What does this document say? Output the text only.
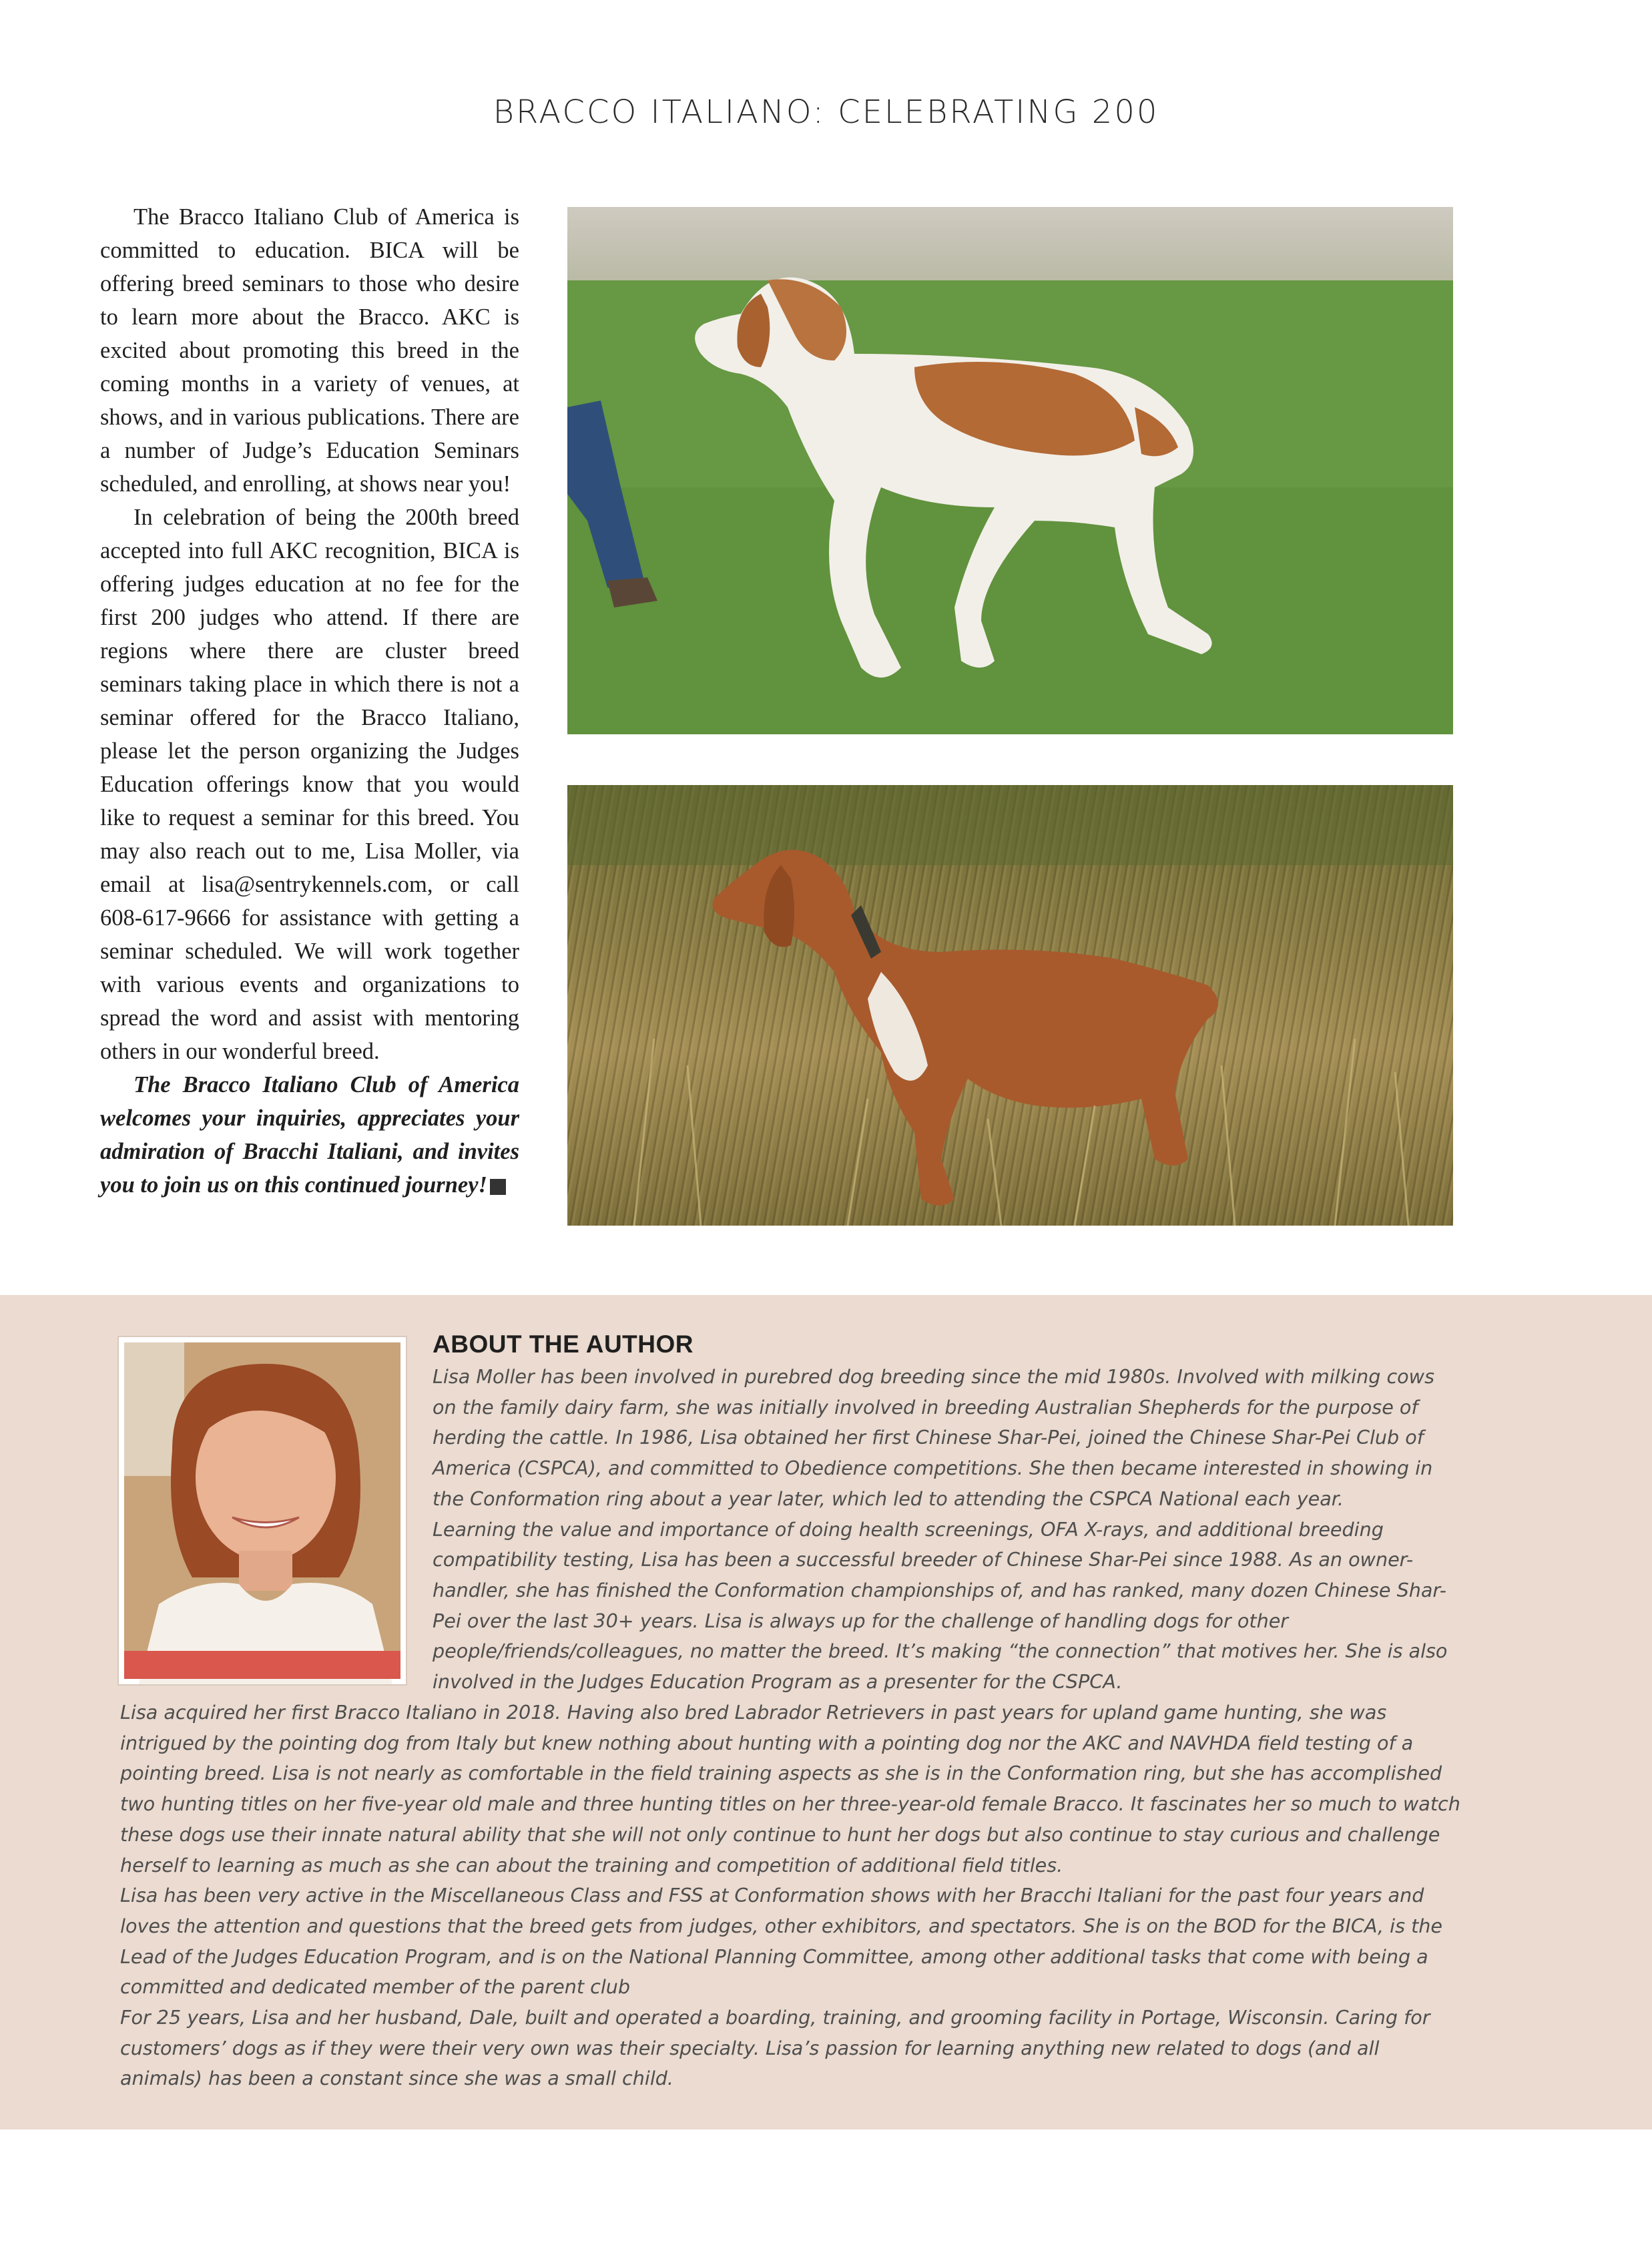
BRACCO ITALIANO: CELEBRATING 200

The Bracco Italiano Club of America is committed to education. BICA will be offering breed seminars to those who desire to learn more about the Bracco. AKC is excited about promoting this breed in the coming months in a variety of venues, at shows, and in various publications. There are a number of Judge’s Education Seminars scheduled, and enrolling, at shows near you!

In celebration of being the 200th breed accepted into full AKC recognition, BICA is offering judges education at no fee for the first 200 judges who attend. If there are regions where there are cluster breed seminars taking place in which there is not a seminar offered for the Bracco Italiano, please let the person organizing the Judges Education offerings know that you would like to request a seminar for this breed. You may also reach out to me, Lisa Moller, via email at lisa@sentrykennels.com, or call 608-617-9666 for assistance with getting a seminar scheduled. We will work together with various events and organizations to spread the word and assist with mentoring others in our wonderful breed.

The Bracco Italiano Club of America welcomes your inquiries, appreciates your admiration of Bracchi Italiani, and invites you to join us on this continued journey!

ABOUT THE AUTHOR

Lisa Moller has been involved in purebred dog breeding since the mid 1980s. Involved with milking cows on the family dairy farm, she was initially involved in breeding Australian Shepherds for the purpose of herding the cattle. In 1986, Lisa obtained her first Chinese Shar-Pei, joined the Chinese Shar-Pei Club of America (CSPCA), and committed to Obedience competitions. She then became interested in showing in the Conformation ring about a year later, which led to attending the CSPCA National each year.

Learning the value and importance of doing health screenings, OFA X-rays, and additional breeding compatibility testing, Lisa has been a successful breeder of Chinese Shar-Pei since 1988. As an owner-handler, she has finished the Conformation championships of, and has ranked, many dozen Chinese Shar-Pei over the last 30+ years. Lisa is always up for the challenge of handling dogs for other people/friends/colleagues, no matter the breed. It’s making “the connection” that motives her. She is also involved in the Judges Education Program as a presenter for the CSPCA.

Lisa acquired her first Bracco Italiano in 2018. Having also bred Labrador Retrievers in past years for upland game hunting, she was intrigued by the pointing dog from Italy but knew nothing about hunting with a pointing dog nor the AKC and NAVHDA field testing of a pointing breed. Lisa is not nearly as comfortable in the field training aspects as she is in the Conformation ring, but she has accomplished two hunting titles on her five-year old male and three hunting titles on her three-year-old female Bracco. It fascinates her so much to watch these dogs use their innate natural ability that she will not only continue to hunt her dogs but also continue to stay curious and challenge herself to learning as much as she can about the training and competition of additional field titles.

Lisa has been very active in the Miscellaneous Class and FSS at Conformation shows with her Bracchi Italiani for the past four years and loves the attention and questions that the breed gets from judges, other exhibitors, and spectators. She is on the BOD for the BICA, is the Lead of the Judges Education Program, and is on the National Planning Committee, among other additional tasks that come with being a committed and dedicated member of the parent club

For 25 years, Lisa and her husband, Dale, built and operated a boarding, training, and grooming facility in Portage, Wisconsin. Caring for customers’ dogs as if they were their very own was their specialty. Lisa’s passion for learning anything new related to dogs (and all animals) has been a constant since she was a small child.
